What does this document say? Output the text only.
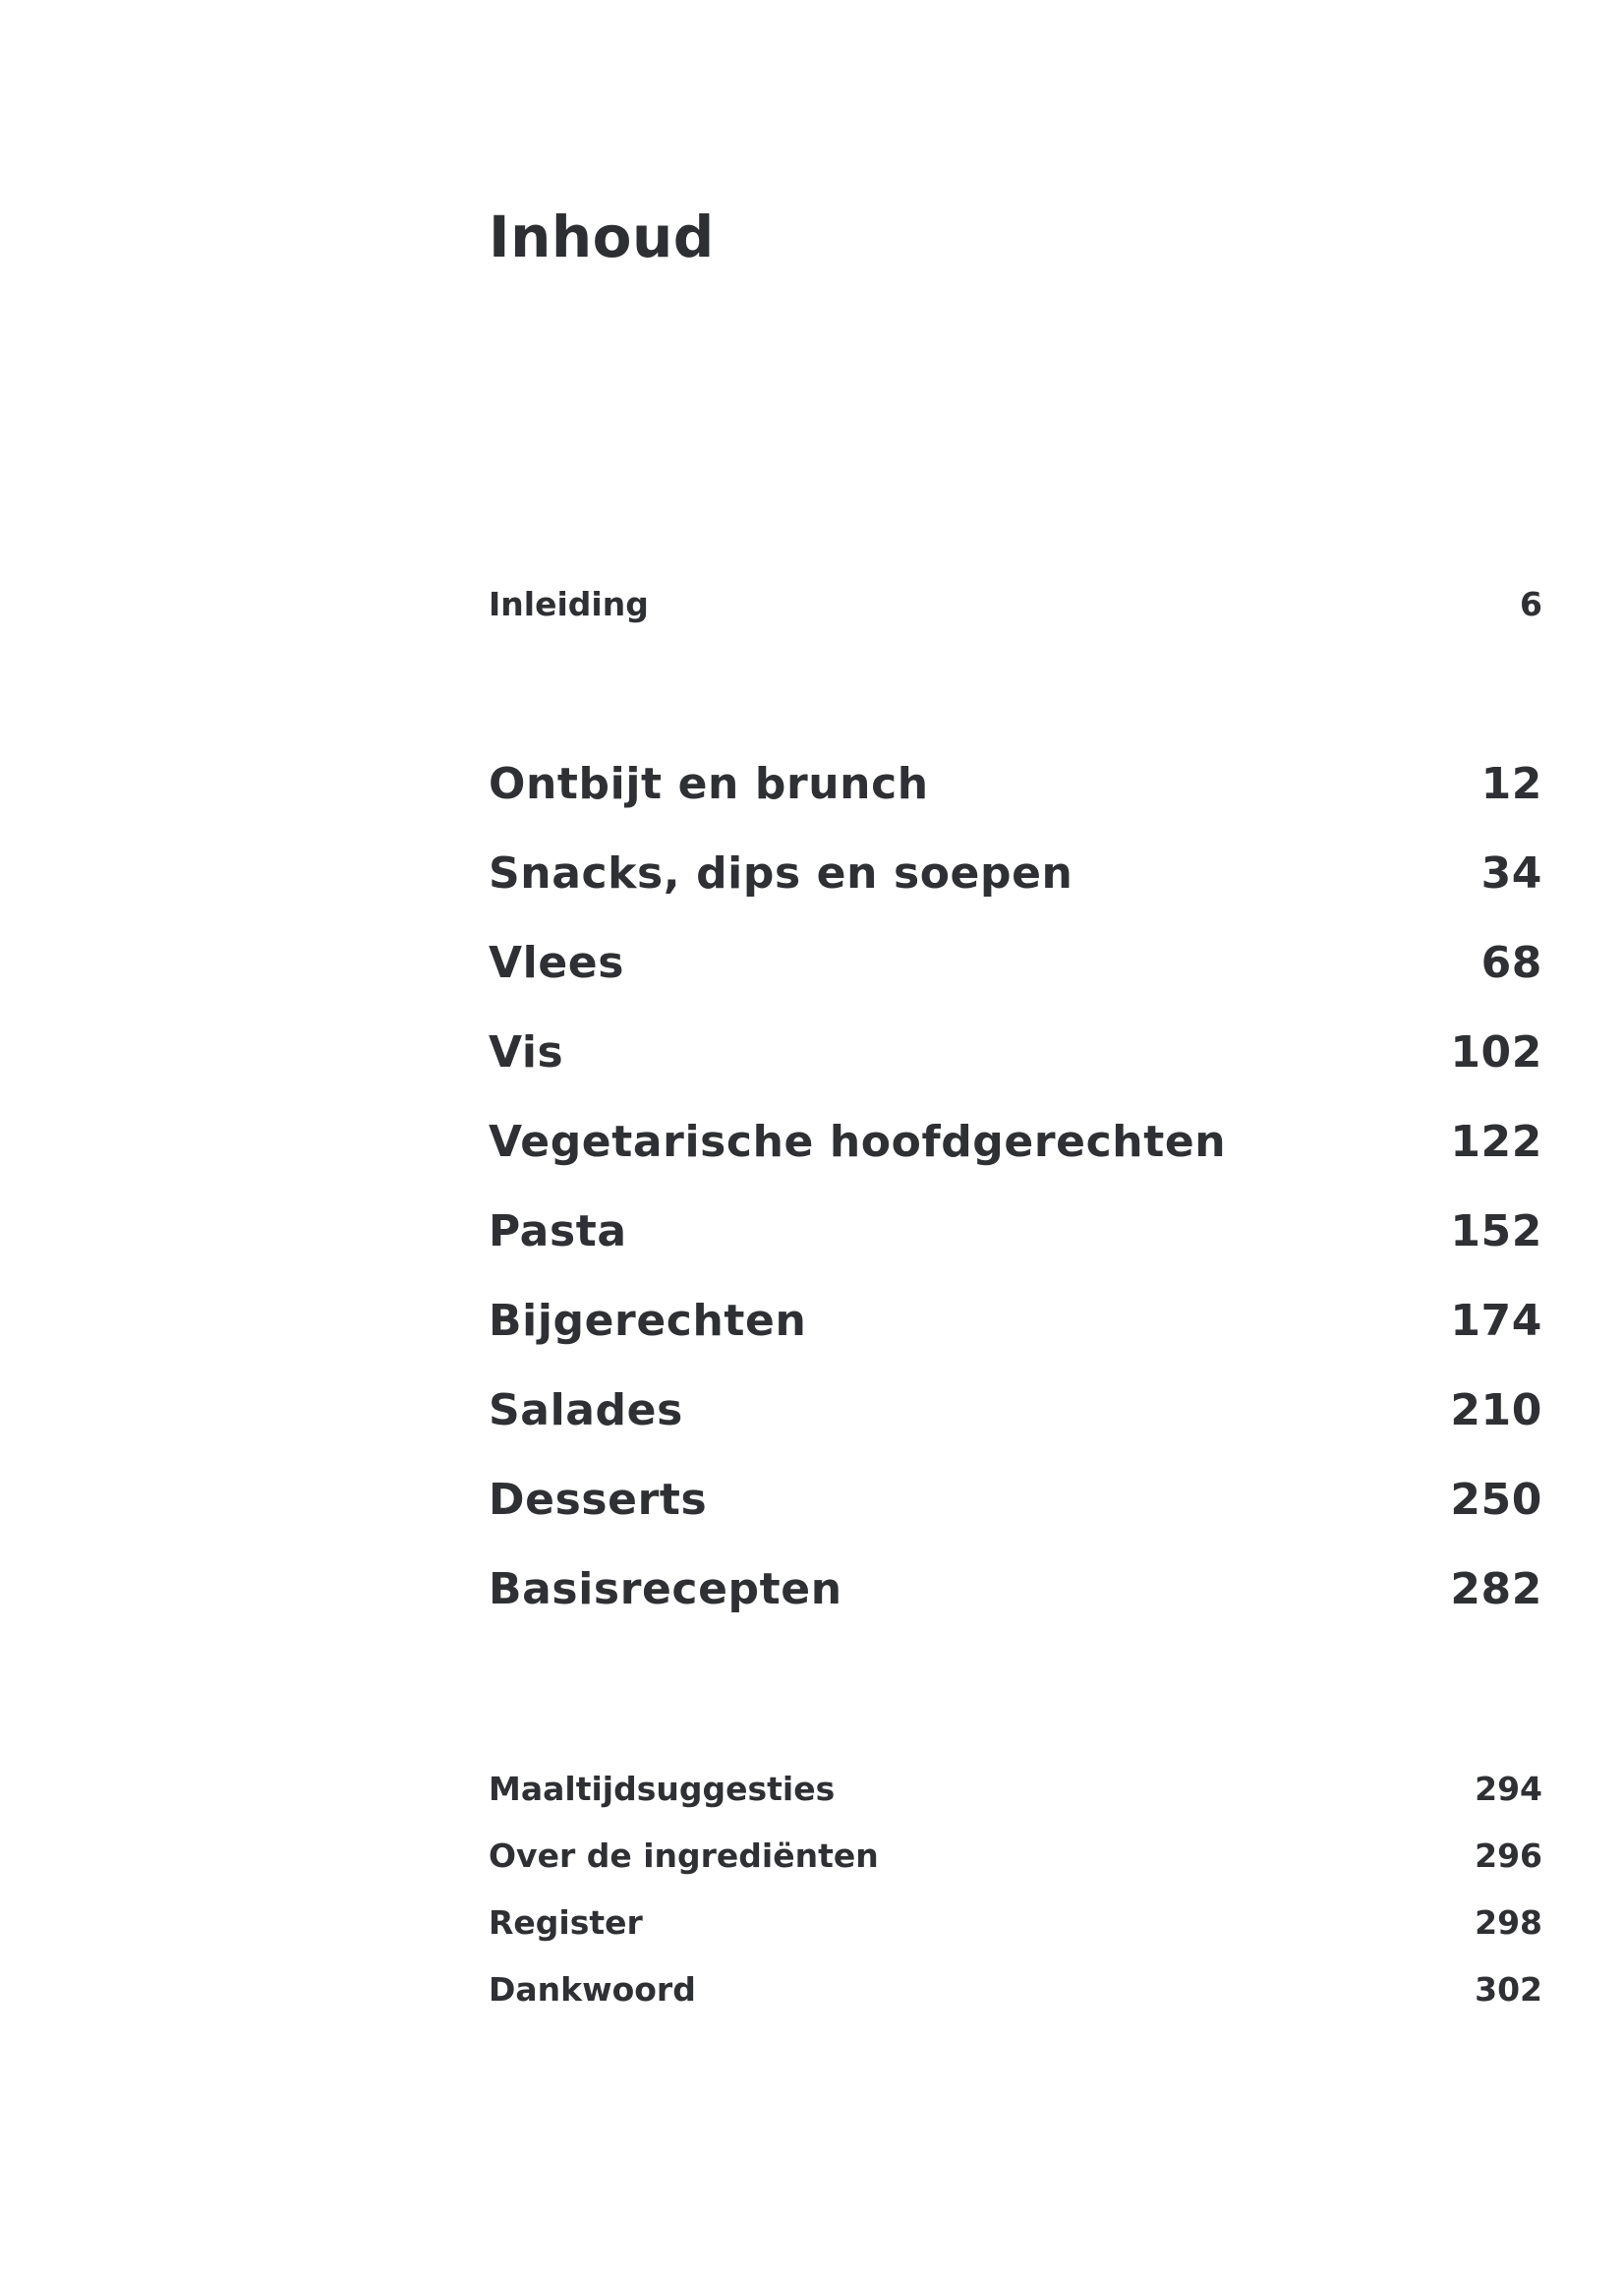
Inhoud
Inleiding	6
Ontbijt en brunch	12
Snacks, dips en soepen	34
Vlees	68
Vis	102
Vegetarische hoofdgerechten	122
Pasta	152
Bijgerechten	174
Salades	210
Desserts	250
Basisrecepten	282
Maaltijdsuggesties	294
Over de ingrediënten	296
Register	298
Dankwoord	302
